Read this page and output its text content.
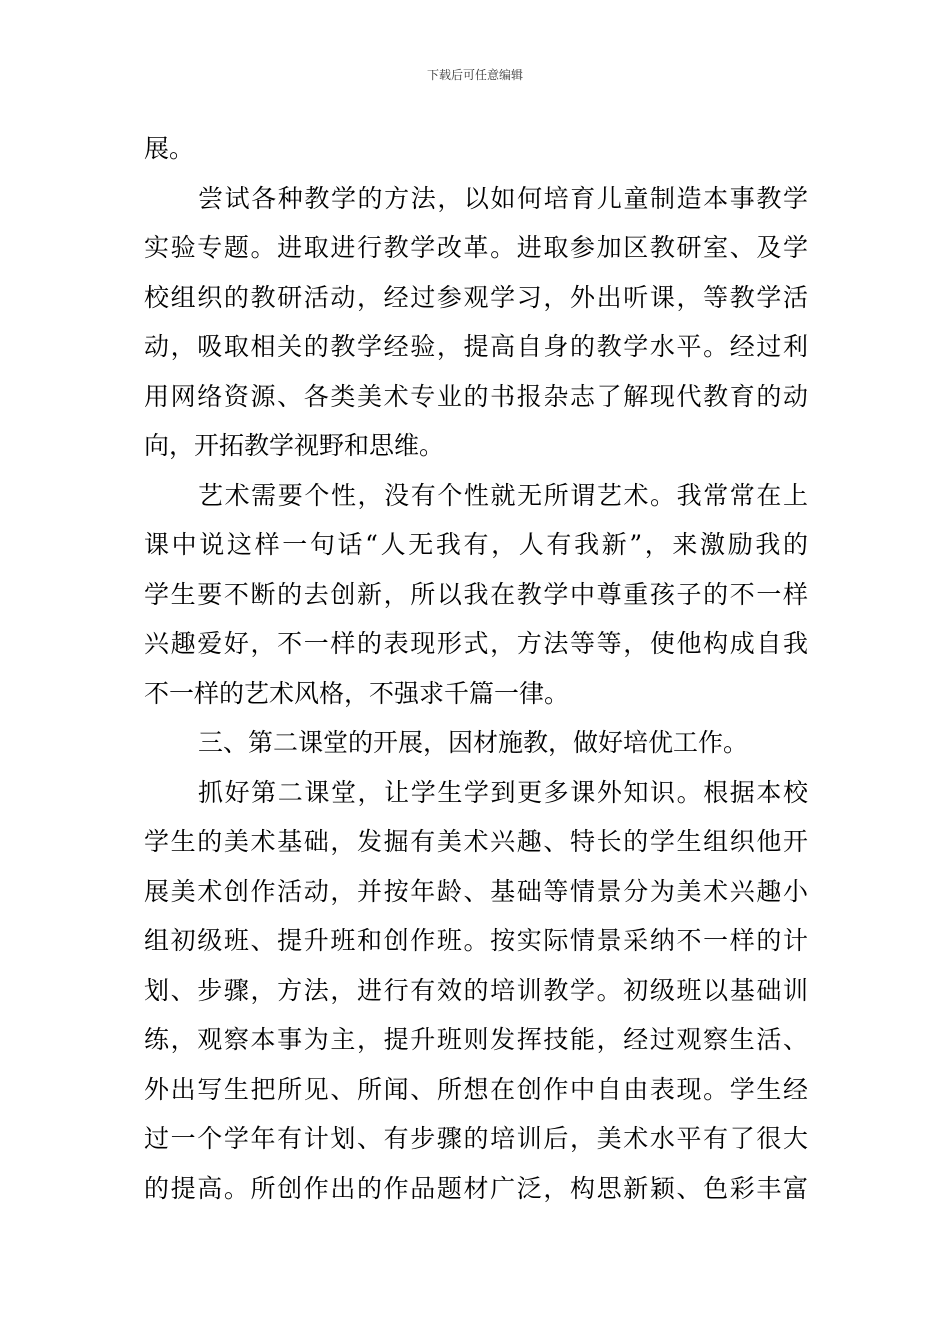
下载后可任意编辑
展。
尝试各种教学的方法，以如何培育儿童制造本事教学
实验专题。进取进行教学改革。进取参加区教研室、及学
校组织的教研活动，经过参观学习，外出听课，等教学活
动，吸取相关的教学经验，提高自身的教学水平。经过利
用网络资源、各类美术专业的书报杂志了解现代教育的动
向，开拓教学视野和思维。
艺术需要个性，没有个性就无所谓艺术。我常常在上
课中说这样一句话“人无我有，人有我新”，来激励我的
学生要不断的去创新，所以我在教学中尊重孩子的不一样
兴趣爱好，不一样的表现形式，方法等等，使他构成自我
不一样的艺术风格，不强求千篇一律。
三、第二课堂的开展，因材施教，做好培优工作。
抓好第二课堂，让学生学到更多课外知识。根据本校
学生的美术基础，发掘有美术兴趣、特长的学生组织他开
展美术创作活动，并按年龄、基础等情景分为美术兴趣小
组初级班、提升班和创作班。按实际情景采纳不一样的计
划、步骤，方法，进行有效的培训教学。初级班以基础训
练，观察本事为主，提升班则发挥技能，经过观察生活、
外出写生把所见、所闻、所想在创作中自由表现。学生经
过一个学年有计划、有步骤的培训后，美术水平有了很大
的提高。所创作出的作品题材广泛，构思新颖、色彩丰富
